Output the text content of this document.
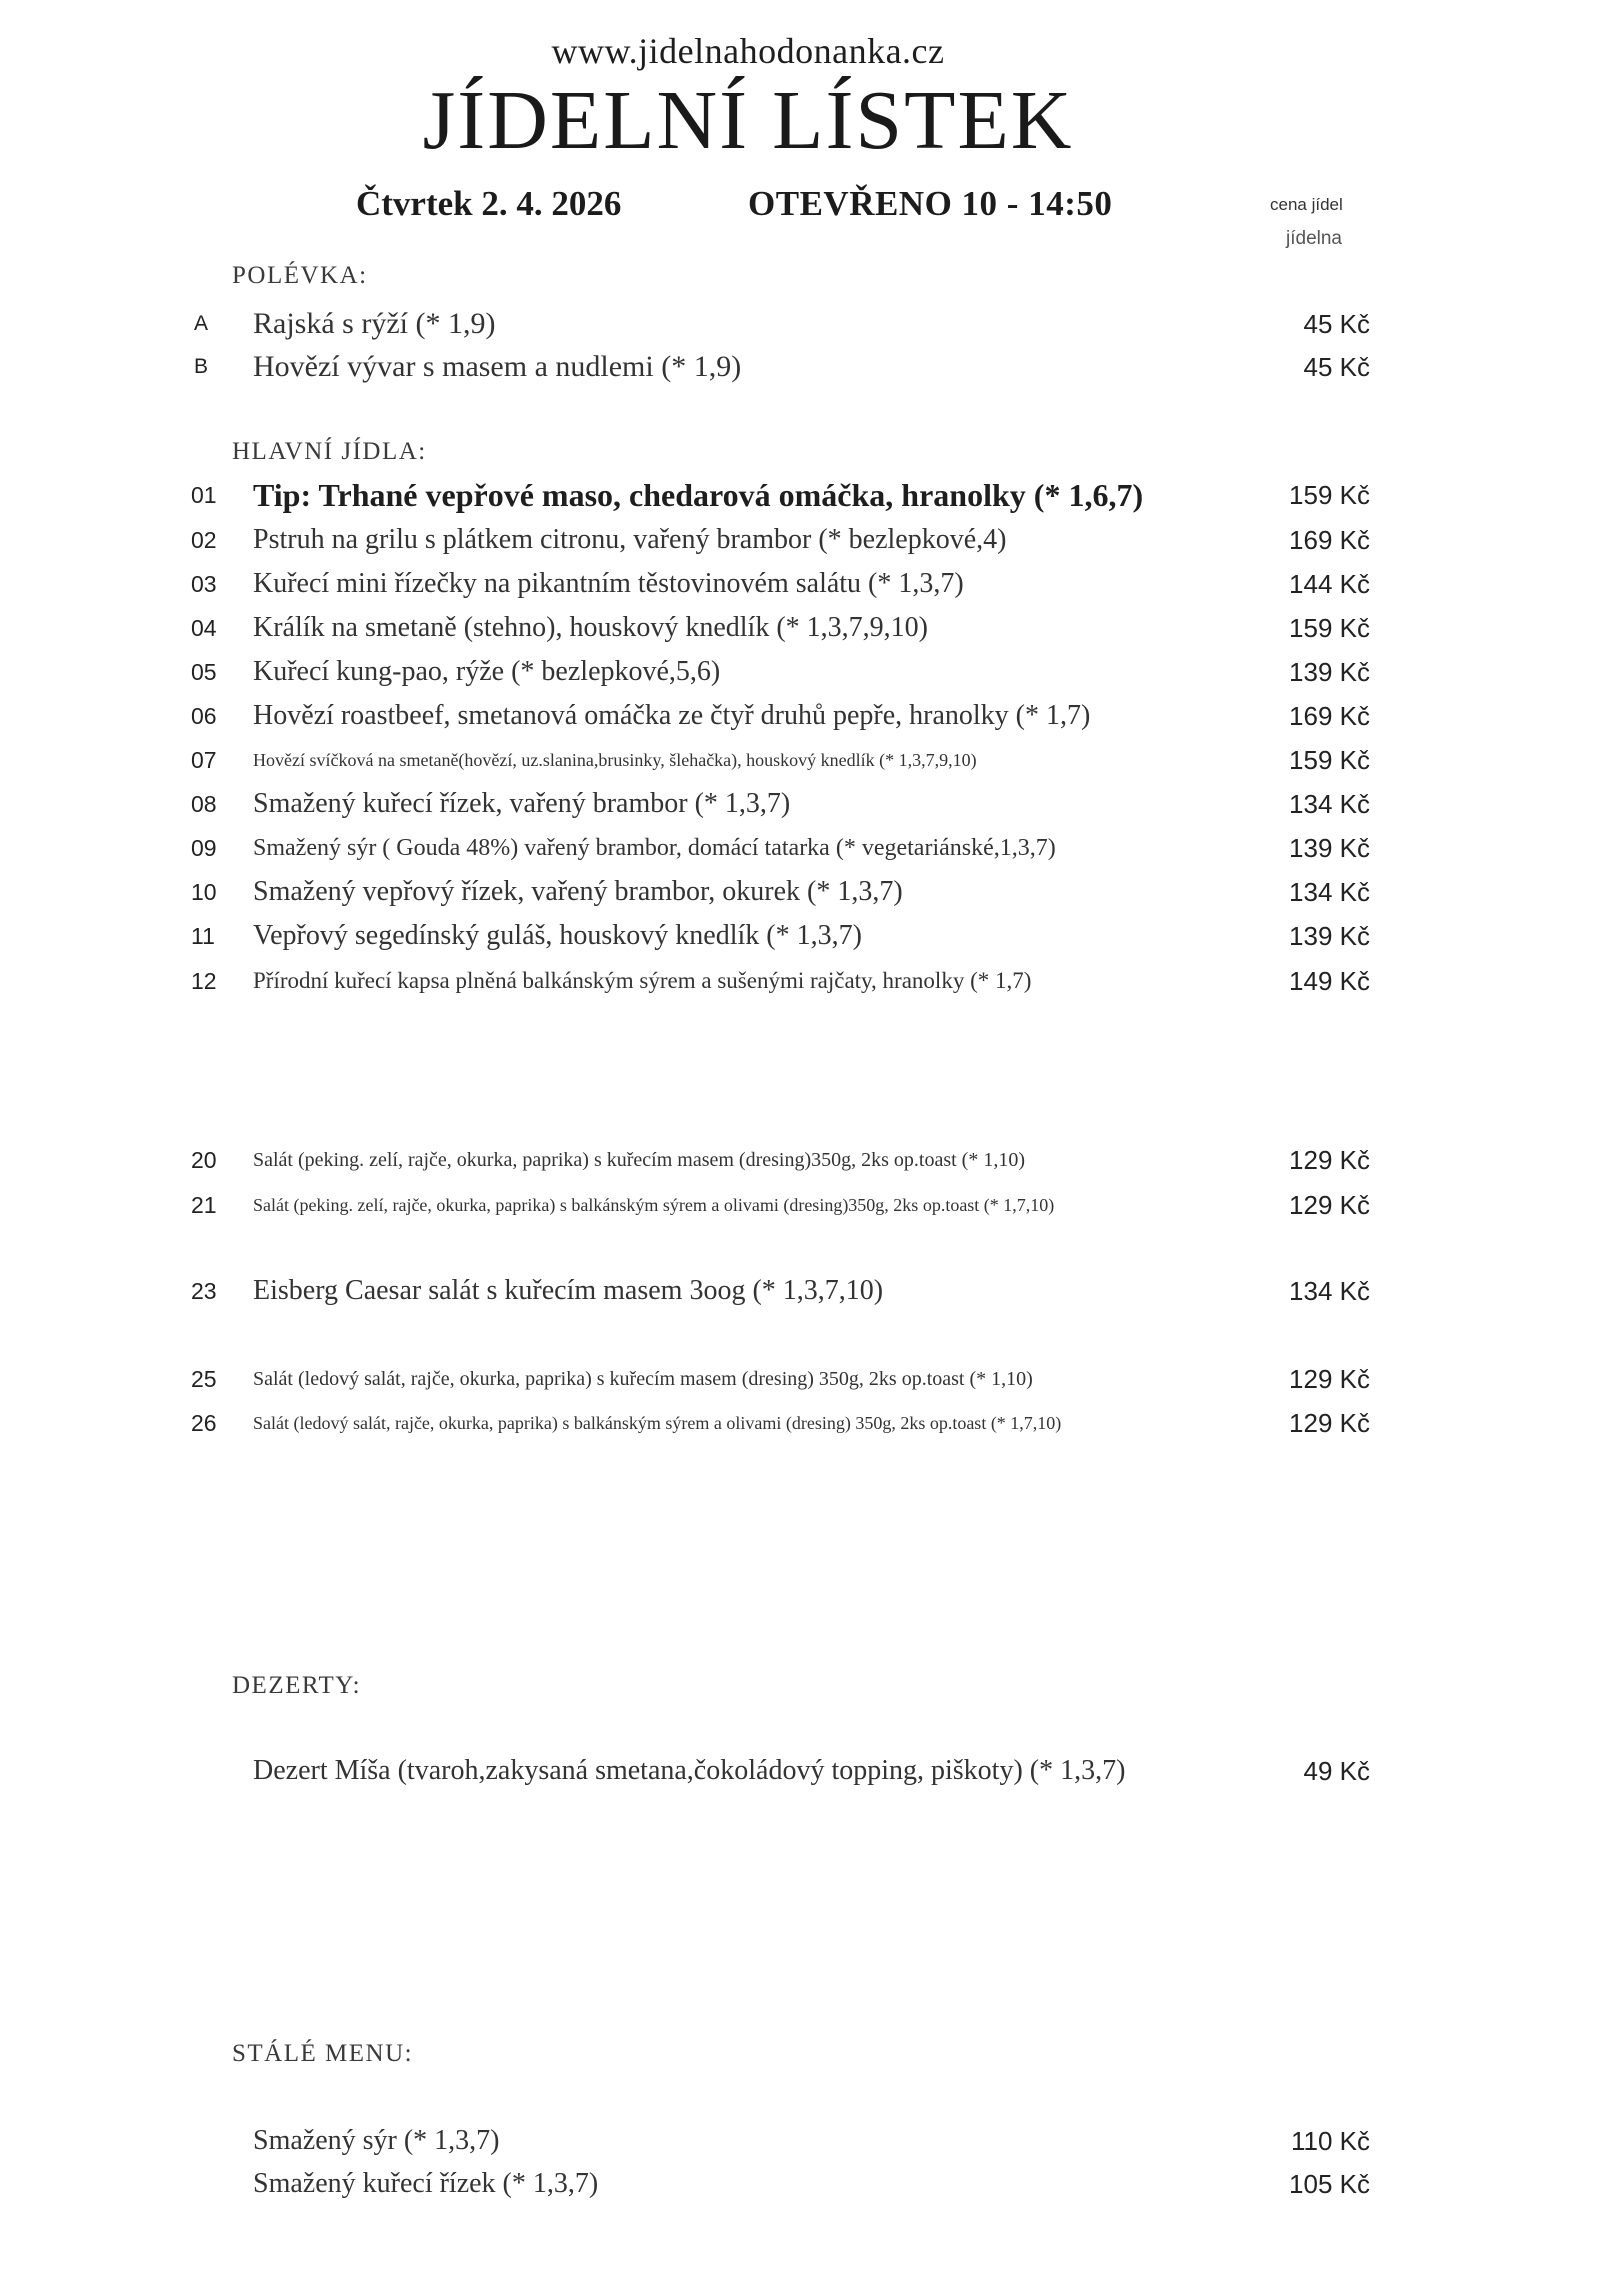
www.jidelnahodonanka.cz
JÍDELNÍ LÍSTEK
Čtvrtek 2. 4. 2026	OTEVŘENO 10 - 14:50	cena jídel
jídelna
POLÉVKA:
A Rajská s rýží (* 1,9)	45 Kč
B Hovězí vývar s masem a nudlemi (* 1,9)	45 Kč
HLAVNÍ JÍDLA:
01 Tip: Trhané vepřové maso, chedarová omáčka, hranolky (* 1,6,7)	159 Kč
02 Pstruh na grilu s plátkem citronu, vařený brambor (* bezlepkové,4)	169 Kč
03 Kuřecí mini řízečky na pikantním těstovinovém salátu (* 1,3,7)	144 Kč
04 Králík na smetaně (stehno), houskový knedlík (* 1,3,7,9,10)	159 Kč
05 Kuřecí kung-pao, rýže (* bezlepkové,5,6)	139 Kč
06 Hovězí roastbeef, smetanová omáčka ze čtyř druhů pepře, hranolky (* 1,7)	169 Kč
07 Hovězí svíčková na smetaně(hovězí, uz.slanina,brusinky, šlehačka), houskový knedlík (* 1,3,7,9,10)	159 Kč
08 Smažený kuřecí řízek, vařený brambor (* 1,3,7)	134 Kč
09 Smažený sýr ( Gouda 48%) vařený brambor, domácí tatarka (* vegetariánské,1,3,7)	139 Kč
10 Smažený vepřový řízek, vařený brambor, okurek (* 1,3,7)	134 Kč
11 Vepřový segedínský guláš, houskový knedlík (* 1,3,7)	139 Kč
12 Přírodní kuřecí kapsa plněná balkánským sýrem a sušenými rajčaty, hranolky (* 1,7)	149 Kč
20 Salát (peking. zelí, rajče, okurka, paprika) s kuřecím masem (dresing)350g, 2ks op.toast (* 1,10)	129 Kč
21 Salát (peking. zelí, rajče, okurka, paprika) s balkánským sýrem a olivami (dresing)350g, 2ks op.toast (* 1,7,10)	129 Kč
23 Eisberg Caesar salát s kuřecím masem 3oog (* 1,3,7,10)	134 Kč
25 Salát (ledový salát, rajče, okurka, paprika) s kuřecím masem (dresing) 350g, 2ks op.toast (* 1,10)	129 Kč
26 Salát (ledový salát, rajče, okurka, paprika) s balkánským sýrem a olivami (dresing) 350g, 2ks op.toast (* 1,7,10)	129 Kč
DEZERTY:
Dezert Míša (tvaroh,zakysaná smetana,čokoládový topping, piškoty) (* 1,3,7)	49 Kč
STÁLÉ MENU:
Smažený sýr (* 1,3,7)	110 Kč
Smažený kuřecí řízek (* 1,3,7)	105 Kč
